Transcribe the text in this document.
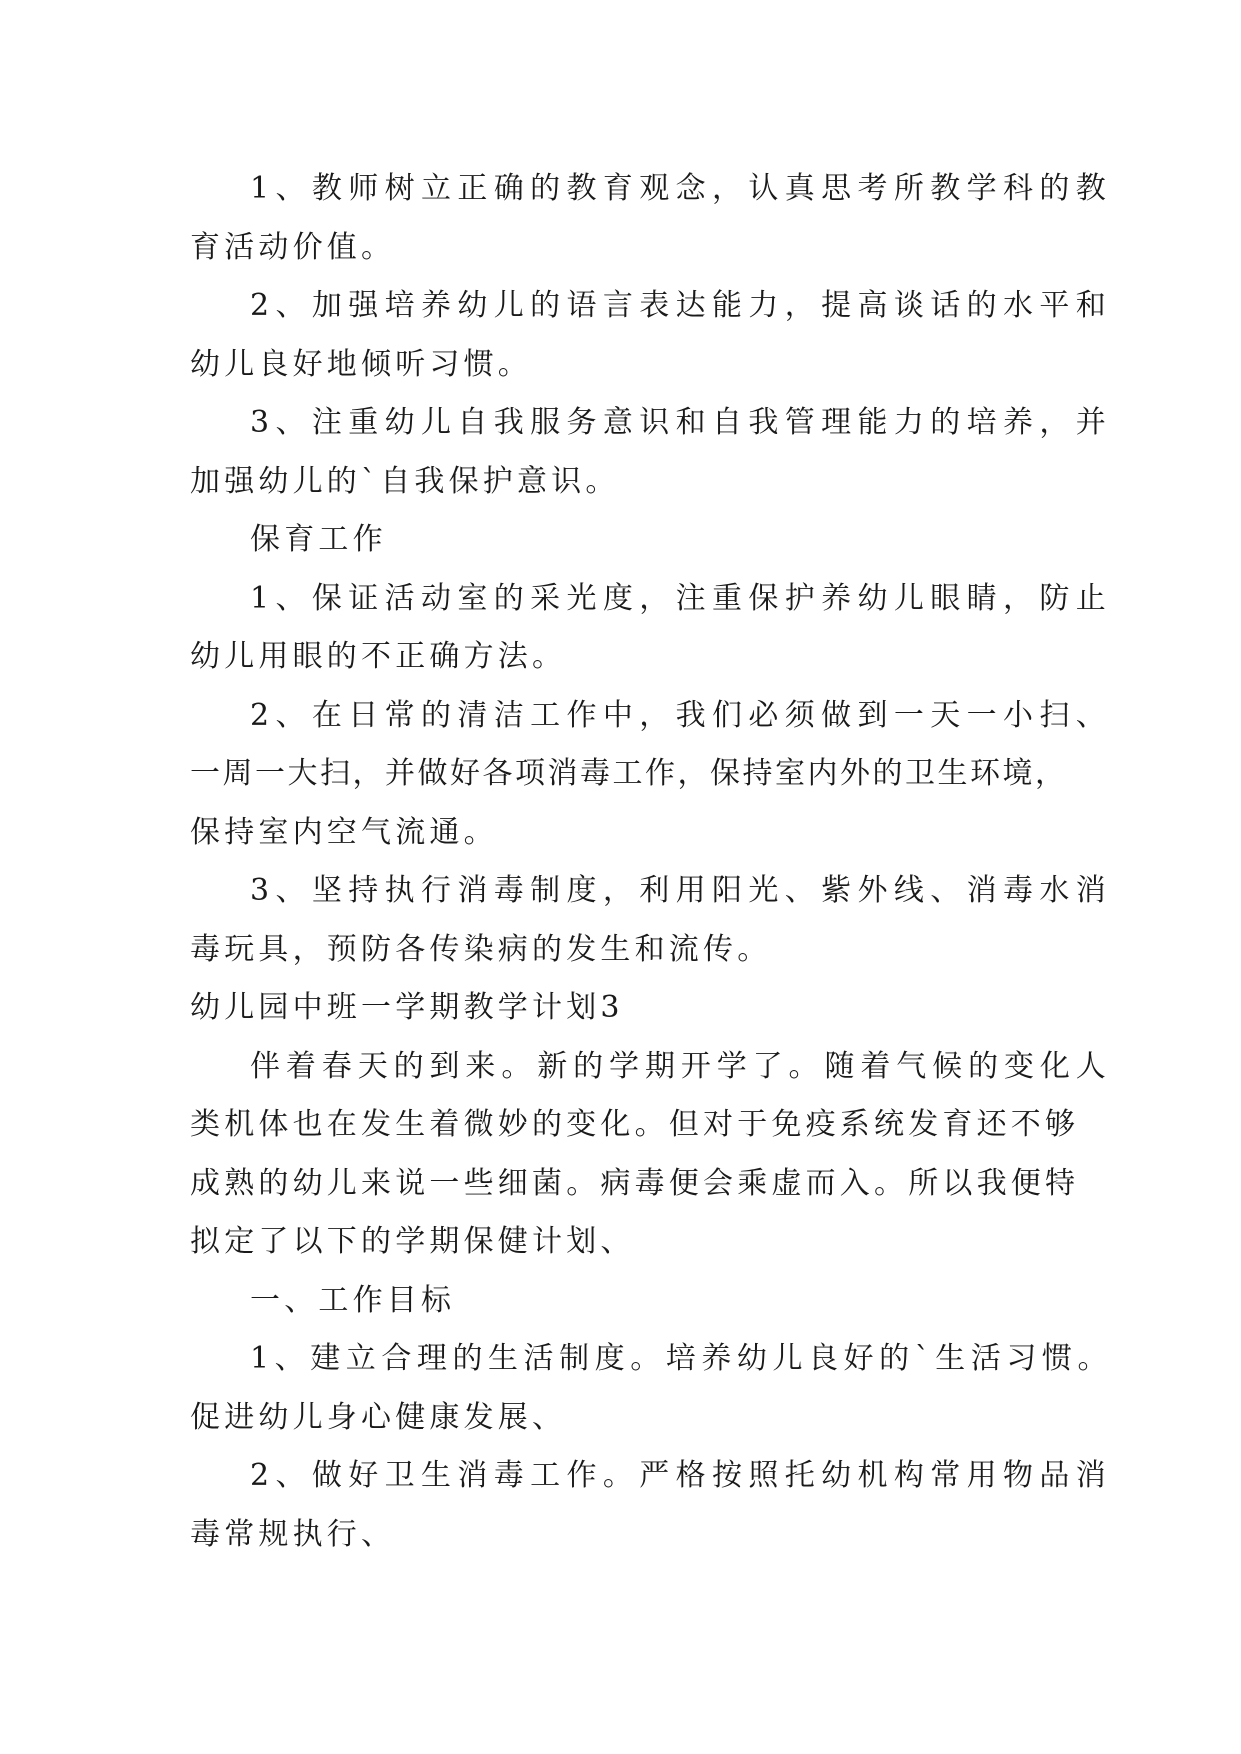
1、教师树立正确的教育观念，认真思考所教学科的教
育活动价值。
2、加强培养幼儿的语言表达能力，提高谈话的水平和
幼儿良好地倾听习惯。
3、注重幼儿自我服务意识和自我管理能力的培养，并
加强幼儿的`自我保护意识。
保育工作
1、保证活动室的采光度，注重保护养幼儿眼睛，防止
幼儿用眼的不正确方法。
2、在日常的清洁工作中，我们必须做到一天一小扫、
一周一大扫，并做好各项消毒工作，保持室内外的卫生环境，
保持室内空气流通。
3、坚持执行消毒制度，利用阳光、紫外线、消毒水消
毒玩具，预防各传染病的发生和流传。
幼儿园中班一学期教学计划3
伴着春天的到来。新的学期开学了。随着气候的变化人
类机体也在发生着微妙的变化。但对于免疫系统发育还不够
成熟的幼儿来说一些细菌。病毒便会乘虚而入。所以我便特
拟定了以下的学期保健计划、
一、工作目标
1、建立合理的生活制度。培养幼儿良好的`生活习惯。
促进幼儿身心健康发展、
2、做好卫生消毒工作。严格按照托幼机构常用物品消
毒常规执行、
